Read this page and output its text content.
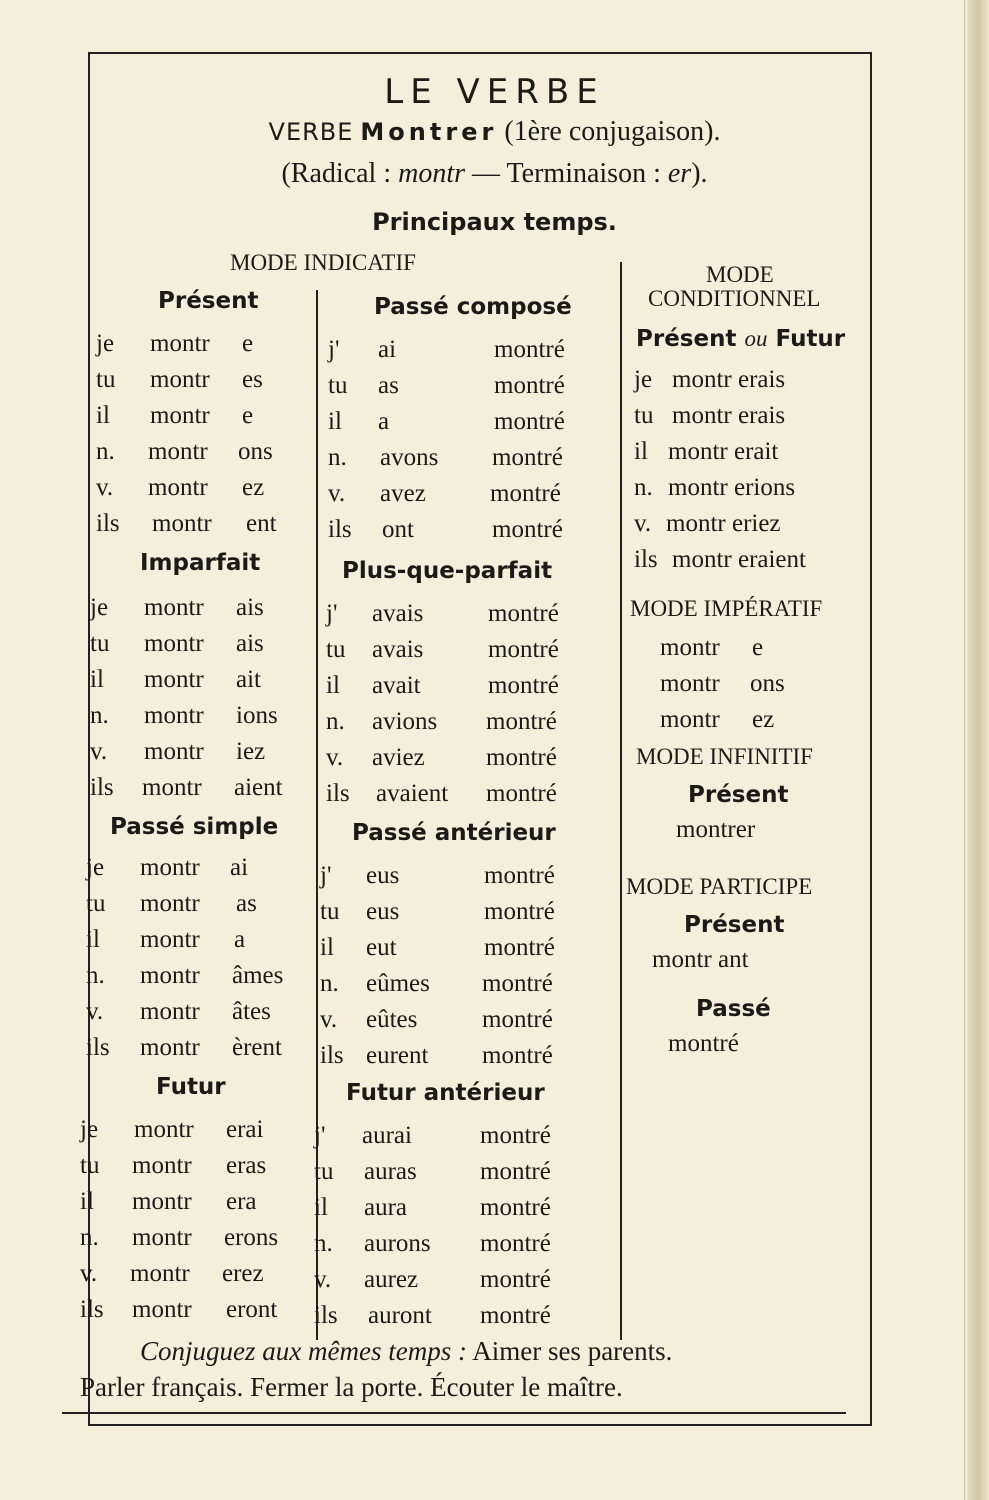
LE VERBE
VERBE Montrer (1ère conjugaison).
(Radical : montr — Terminaison : er).
Principaux temps.
MODE INDICATIF	MODE
CONDITIONNEL
Présent
je montr e
tu montr es
il montr e
n. montr ons
v. montr ez
ils montr ent
Imparfait
je montr ais
tu montr ais
il montr ait
n. montr ions
v. montr iez
ils montr aient
Passé simple
je montr ai
tu montr as
il montr a
n. montr âmes
v. montr âtes
ils montr èrent
Futur
je montr erai
tu montr eras
il montr era
n. montr erons
v. montr erez
ils montr eront
Passé composé
j' ai	montré
tu as	montré
il a	montré
n. avons montré
v. avez	montré
ils ont	montré
Plus-que-parfait
j' avais	montré
tu avais	montré
il avait	montré
n. avions montré
v. aviez montré
ils avaient montré
Passé antérieur
j' eus	montré
tu eus	montré
il eut	montré
n. eûmes montré
v. eûtes	montré
ils eurent montré
Futur antérieur
j' aurai	montré
tu auras	montré
il aura	montré
n. aurons montré
v. aurez montré
ils auront montré
Présent ou Futur
je montr erais
tu montr erais
il montr erait
n. montr erions
v. montr eriez
ils montr eraient
MODE IMPÉRATIF
montr e
montr ons
montr ez
MODE INFINITIF
Présent
montrer
MODE PARTICIPE
Présent
montr ant
Passé
montré
Conjuguez aux mêmes temps : Aimer ses parents.
Parler français. Fermer la porte. Écouter le maître.
